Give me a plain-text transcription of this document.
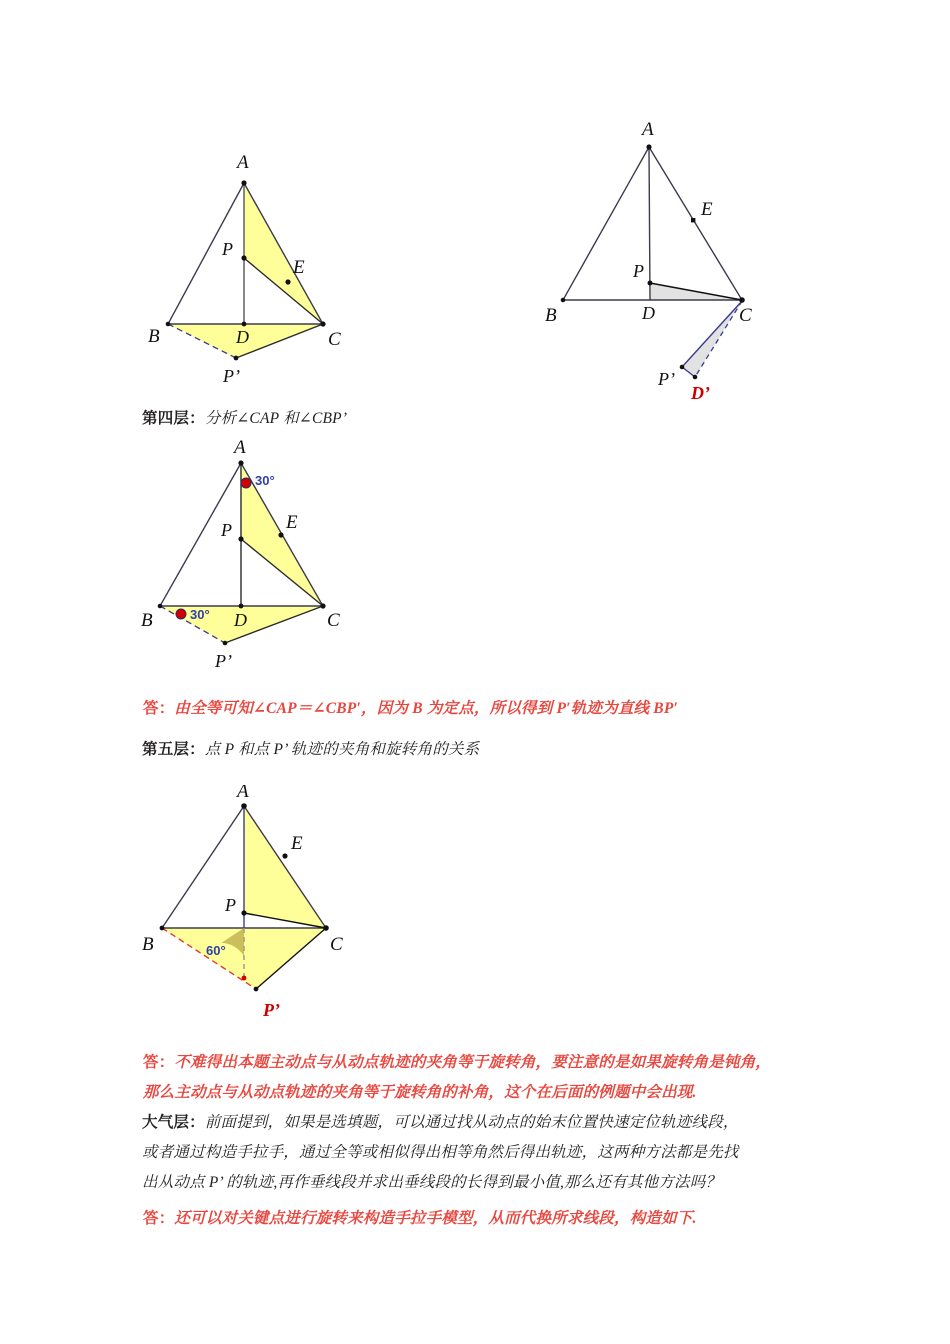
A
B	C
D
E
P
P’
A
B	C
D
E
P
P’
D’
第四层：分析∠CAP 和∠CBP’
A
B	C
D
E
P
P’
30°
30°
答：由全等可知∠CAP＝∠CBP′，因为 B 为定点，所以得到 P′轨迹为直线 BP′
第五层：点 P 和点 P’ 轨迹的夹角和旋转角的关系
A
B	C
E
P
P’
60°
答：不难得出本题主动点与从动点轨迹的夹角等于旋转角，要注意的是如果旋转角是钝角，
那么主动点与从动点轨迹的夹角等于旋转角的补角，这个在后面的例题中会出现.
大气层：前面提到，如果是选填题，可以通过找从动点的始末位置快速定位轨迹线段，
或者通过构造手拉手，通过全等或相似得出相等角然后得出轨迹，这两种方法都是先找
出从动点 P’ 的轨迹,再作垂线段并求出垂线段的长得到最小值,那么还有其他方法吗？
答：还可以对关键点进行旋转来构造手拉手模型，从而代换所求线段，构造如下.
